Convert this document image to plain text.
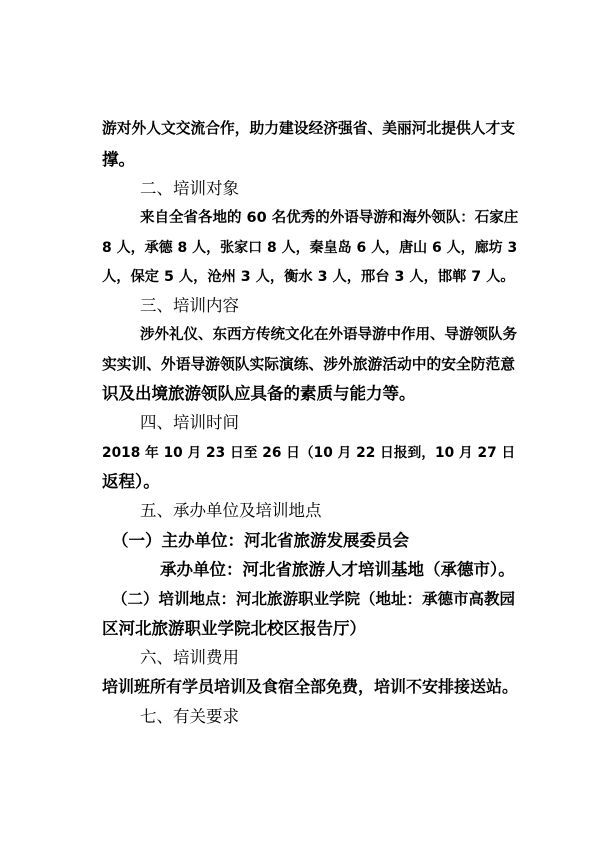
游对外人文交流合作，助力建设经济强省、美丽河北提供人才支
撑。
二、培训对象
来自全省各地的 60 名优秀的外语导游和海外领队：石家庄
8 人，承德 8 人，张家口 8 人，秦皇岛 6 人，唐山 6 人，廊坊 3
人，保定 5 人，沧州 3 人，衡水 3 人，邢台 3 人，邯郸 7 人。
三、培训内容
涉外礼仪、东西方传统文化在外语导游中作用、导游领队务
实实训、外语导游领队实际演练、涉外旅游活动中的安全防范意
识及出境旅游领队应具备的素质与能力等。
四、培训时间
2018 年 10 月 23 日至 26 日（10 月 22 日报到，10 月 27 日
返程）。
五、承办单位及培训地点
（一）主办单位：河北省旅游发展委员会
承办单位：河北省旅游人才培训基地（承德市）。
（二）培训地点：河北旅游职业学院（地址：承德市高教园
区河北旅游职业学院北校区报告厅）
六、培训费用
培训班所有学员培训及食宿全部免费，培训不安排接送站。
七、有关要求
